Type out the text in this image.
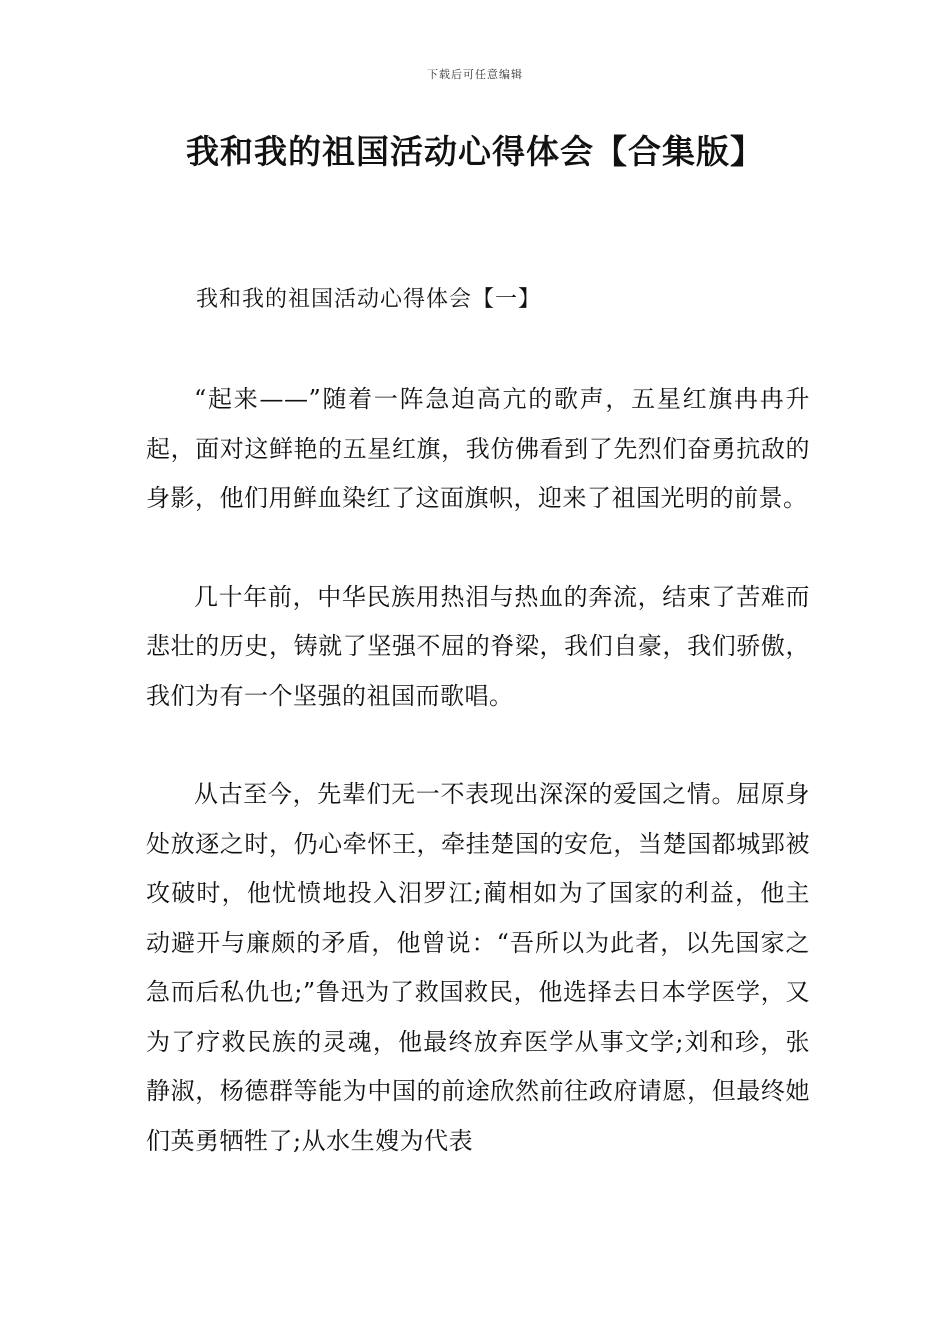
下载后可任意编辑
我和我的祖国活动心得体会【合集版】
我和我的祖国活动心得体会【一】

“起来——”随着一阵急迫高亢的歌声，五星红旗冉冉升起，面对这鲜艳的五星红旗，我仿佛看到了先烈们奋勇抗敌的身影，他们用鲜血染红了这面旗帜，迎来了祖国光明的前景。

几十年前，中华民族用热泪与热血的奔流，结束了苦难而悲壮的历史，铸就了坚强不屈的脊梁，我们自豪，我们骄傲，我们为有一个坚强的祖国而歌唱。

从古至今，先辈们无一不表现出深深的爱国之情。屈原身处放逐之时，仍心牵怀王，牵挂楚国的安危，当楚国都城郢被攻破时，他忧愤地投入汨罗江;蔺相如为了国家的利益，他主动避开与廉颇的矛盾，他曾说：“吾所以为此者，以先国家之急而后私仇也;”鲁迅为了救国救民，他选择去日本学医学，又为了疗救民族的灵魂，他最终放弃医学从事文学;刘和珍，张静淑，杨德群等能为中国的前途欣然前往政府请愿，但最终她们英勇牺牲了;从水生嫂为代表
